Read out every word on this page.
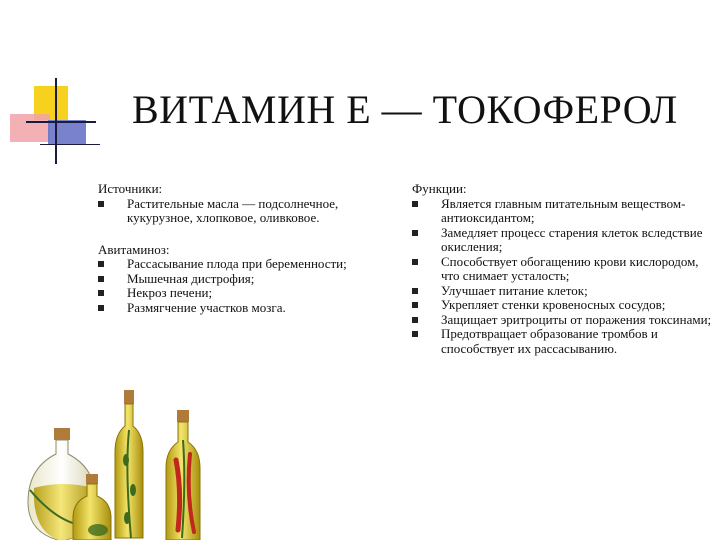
ВИТАМИН Е — ТОКОФЕРОЛ

Источники:

Растительные масла — подсолнечное, кукурузное, хлопковое, оливковое.

Авитаминоз:

Рассасывание плода при беременности;
Мышечная дистрофия;
Некроз печени;
Размягчение участков мозга.

Функции:

Является главным питательным веществом-антиоксидантом;
Замедляет процесс старения клеток вследствие окисления;
Способствует обогащению крови кислородом, что снимает усталость;
Улучшает питание клеток;
Укрепляет стенки кровеносных сосудов;
Защищает эритроциты от поражения токсинами;
Предотвращает образование тромбов и способствует их рассасыванию.
